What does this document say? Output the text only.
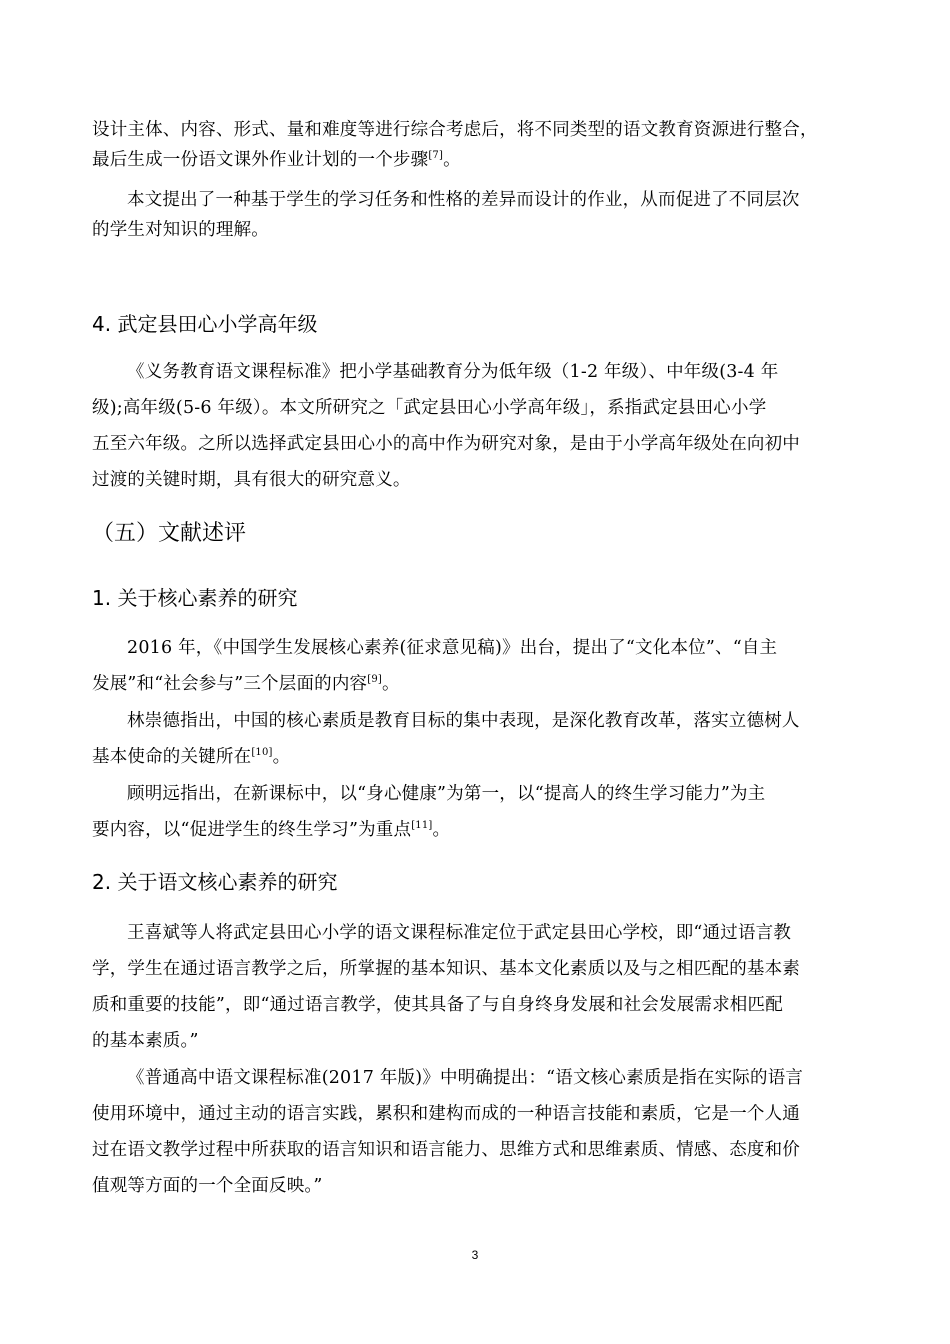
设计主体、内容、形式、量和难度等进行综合考虑后，将不同类型的语文教育资源进行整合，
最后生成一份语文课外作业计划的一个步骤[7]。
本文提出了一种基于学生的学习任务和性格的差异而设计的作业，从而促进了不同层次
的学生对知识的理解。
4. 武定县田心小学高年级
《义务教育语文课程标准》把小学基础教育分为低年级（1-2 年级）、中年级(3-4 年
级);高年级(5-6 年级）。本文所研究之「武定县田心小学高年级」，系指武定县田心小学
五至六年级。之所以选择武定县田心小的高中作为研究对象，是由于小学高年级处在向初中
过渡的关键时期，具有很大的研究意义。
（五）文献述评
1. 关于核心素养的研究
2016 年，《中国学生发展核心素养(征求意见稿)》出台，提出了“文化本位”、“自主
发展”和“社会参与”三个层面的内容[9]。
林崇德指出，中国的核心素质是教育目标的集中表现，是深化教育改革，落实立德树人
基本使命的关键所在[10]。
顾明远指出，在新课标中，以“身心健康”为第一，以“提高人的终生学习能力”为主
要内容，以“促进学生的终生学习”为重点[11]。
2. 关于语文核心素养的研究
王喜斌等人将武定县田心小学的语文课程标准定位于武定县田心学校，即“通过语言教
学，学生在通过语言教学之后，所掌握的基本知识、基本文化素质以及与之相匹配的基本素
质和重要的技能”，即“通过语言教学，使其具备了与自身终身发展和社会发展需求相匹配
的基本素质。”
《普通高中语文课程标准(2017 年版)》中明确提出：“语文核心素质是指在实际的语言
使用环境中，通过主动的语言实践，累积和建构而成的一种语言技能和素质，它是一个人通
过在语文教学过程中所获取的语言知识和语言能力、思维方式和思维素质、情感、态度和价
值观等方面的一个全面反映。”
3
